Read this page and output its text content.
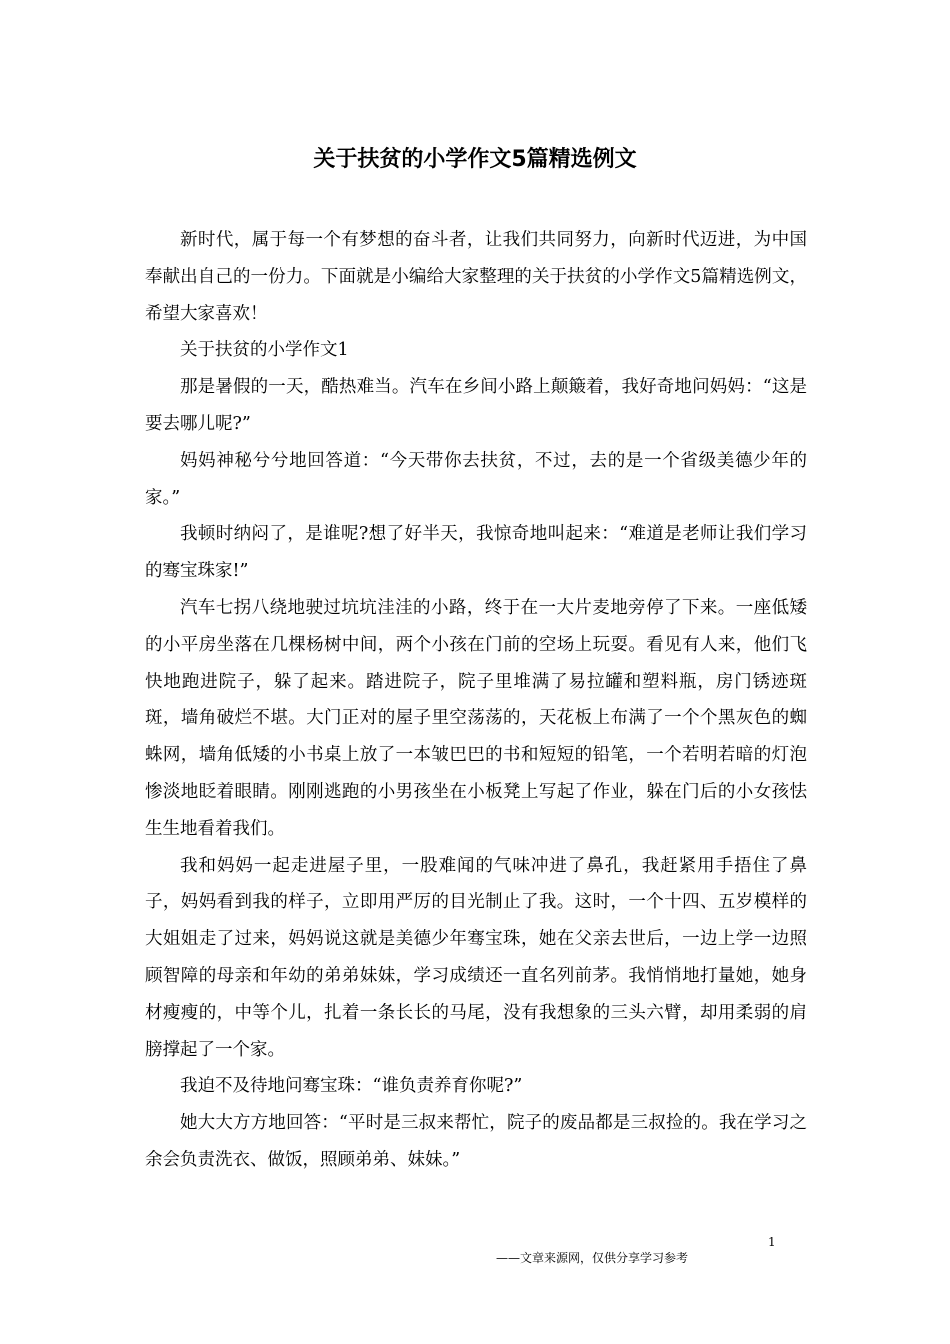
关于扶贫的小学作文5篇精选例文

新时代，属于每一个有梦想的奋斗者，让我们共同努力，向新时代迈进，为中国奉献出自己的一份力。下面就是小编给大家整理的关于扶贫的小学作文5篇精选例文，希望大家喜欢！

关于扶贫的小学作文1

那是暑假的一天，酷热难当。汽车在乡间小路上颠簸着，我好奇地问妈妈：“这是要去哪儿呢?”

妈妈神秘兮兮地回答道：“今天带你去扶贫，不过，去的是一个省级美德少年的家。”

我顿时纳闷了，是谁呢?想了好半天，我惊奇地叫起来：“难道是老师让我们学习的骞宝珠家!”

汽车七拐八绕地驶过坑坑洼洼的小路，终于在一大片麦地旁停了下来。一座低矮的小平房坐落在几棵杨树中间，两个小孩在门前的空场上玩耍。看见有人来，他们飞快地跑进院子，躲了起来。踏进院子，院子里堆满了易拉罐和塑料瓶，房门锈迹斑斑，墙角破烂不堪。大门正对的屋子里空荡荡的，天花板上布满了一个个黑灰色的蜘蛛网，墙角低矮的小书桌上放了一本皱巴巴的书和短短的铅笔，一个若明若暗的灯泡惨淡地眨着眼睛。刚刚逃跑的小男孩坐在小板凳上写起了作业，躲在门后的小女孩怯生生地看着我们。

我和妈妈一起走进屋子里，一股难闻的气味冲进了鼻孔，我赶紧用手捂住了鼻子，妈妈看到我的样子，立即用严厉的目光制止了我。这时，一个十四、五岁模样的大姐姐走了过来，妈妈说这就是美德少年骞宝珠，她在父亲去世后，一边上学一边照顾智障的母亲和年幼的弟弟妹妹，学习成绩还一直名列前茅。我悄悄地打量她，她身材瘦瘦的，中等个儿，扎着一条长长的马尾，没有我想象的三头六臂，却用柔弱的肩膀撑起了一个家。

我迫不及待地问骞宝珠：“谁负责养育你呢?”

她大大方方地回答：“平时是三叔来帮忙，院子的废品都是三叔捡的。我在学习之余会负责洗衣、做饭，照顾弟弟、妹妹。”

1
——文章来源网，仅供分享学习参考
